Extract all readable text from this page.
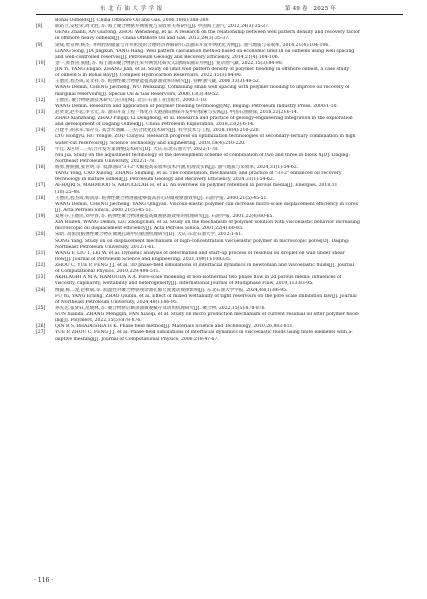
东 北 石 油 大 学 学 报	第 49 卷　2025 年
Bohai Oilfields[J]. China Offshore Oil and Gas, 2006,18(6):388-389.
[8]	耿站立,安桂荣,周文胜,等. 海上聚合物驱井网密度与采收率关系研究[J]. 中国海上油气, 2012,24(3):35-37.
GENG Zhanli, AN Guirong, ZHOU Wensheng, et al. A research on the relationship between well pattern density and recovery factor
in offshore heavy oilfields[J]. China Offshore Oil and Gas, 2012,24(3):35-37.
[9]	梁成,贾京坤,杨杰. 井网控制储量与开井密度的合理经济界限研究:以油田开发井网优化为例[J]. 油气地质与采收率, 2014,21(4):104-106.
LIANG Song, JIA Jingkun, YANG Hang. Well pattern calculation method based on economic limit in oil oilfields using well spacing
and well-controlled reserves[J]. Petroleum Geology and Recovery Efficiency, 2014,21(4):104-106.
[10] 金一,黄香涛,张健,等. 海上油田聚合物驱注采井网优化研究:以渤海S油田为例[J]. 复杂油气藏, 2022,15(3):84-90.
JIN Yi, YANG Engao, ZHANG Jian, et al. Study on limit well pattern density of polymer flooding in offshore oilfield, a case study
of oilfield S in Bohai Bay[J]. Complex Hydrocarbon Reservoirs, 2022,15(3):84-90.
[11] 王德民,程杰成,吴文祥,等. 粘弹性聚合物驱能提高驱油效率的研究[J]. 特种油气藏, 2006,13(3):49-52.
WANG Demin, CHENG Jiecheng, WU Wenxiang. Combining small well spacing with polymer flooding to improve oil recovery of
marginal reservoirs[J]. Special Oil & Gas Reservoirs, 2006,13(3):49-52.
[12] 王德民. 聚合物驱油技术研究与应用[M]. 北京:石油工业出版社, 2000:1-10.
WANG Demin. Research and application of polymer flooding technology[M]. Beijing: Petroleum Industry Press, 2000:1-10.
[13] 赵贤龙,赵平起,李立宏,等. 油田开发工程一体化在大港油田勘探开发中的探索与实践[J]. 中国石油勘探, 2018,23(2):6-14.
ZHAO Xianzhang, ZHAO Pingqi, LI Donghong, et al. Research and practice of geology-engineering integration in the exploration
and development of Dagang Oilfield[J]. China Petroleum Exploration, 2018,23(2):6-14.
[14] 吕建平,胡永乐,邹存友. 高含水油藏二三结合优化技术研究[J]. 科学技术与工程, 2018,18(4):210-220.
LYU Hongyu, HU Yongle, ZOU Cunyou. Research progress on optimization technologies of secondary-tertiary combination in high
water-cut reservoirs[J]. Science Technology and Engineering, 2018,18(4):210-220.
[15] 牛佳. X区块二三结合开发方案调整技术研究[D]. 大庆:东北石油大学, 2022:1-78.
Niu Jia. Study on the adjustment technology of the development scheme of combination of two and three in block X[D]. Daqing:
Northeast Petroleum University, 2022:1-78.
[16] 杨勇,曹曲曲,张世明,等. 低渗油田"3+2"大幅提高采收率技术内涵,机理及实践[J]. 油气地质与采收率, 2024,31(1):54-62.
YANG Yong, CAO Xulong, ZHANG Shiming, et al. The connotation, mechanism, and practice of "3+2" enhanced oil recovery
technology in mature oilfield[J]. Petroleum Geology and Recovery Efficiency, 2024,31(1):54-62.
[17] Al-HAJRI S, MAHMOOD S, ABDULELAH H, et al. An overview on polymer retention in porous media[J]. Energies, 2018,11
(10):25-48.
[18] 王德民,程杰成,杨清彦. 粘弹性聚合物溶液能够提高岩心的微观驱油效率[J]. 石油学报, 2000,21(5):45-51.
WANG Demin, CHENG Jiecheng, YANG Qingyan. Viscous-elastic polymer can increase micro-scale displacement efficiency in cores
[J]. Acta Petrolei Sinica, 2000,21(5):45-51.
[19] 夏惠芬,王德民,刘中春,等. 粘弹性聚合物溶液提高微观驱油效率的机理研究[J]. 石油学报, 2001,22(4):60-65.
XIA Huifen, WANG Demin, LIU Zhongchun, et al. Study on the mechanism of polymer solution with viscoelastic behavior increasing
microscopic oil displacement efficiency[J]. Acta Petrolei Sinica, 2001,22(4):60-65.
[20] 宋昭. 高浓度粘弹性聚合物在微观孔隙中的驱油机理研究[D]. 大庆:东北石油大学, 2012:1-61.
SONG Yang. Study on oil displacement mechanism of high-concentration viscoelastic polymer in microscopic pores[D]. Daqing:
Northeast Petroleum University, 2012:1-61.
[21] WANG F, LIU T, LEI W, et al. Dynamic analysis of deformation and start-up process of residual oil droplet on wall under shear
flow[J]. Journal of Petroleum Science and Engineering, 2021,199(1):108335.
[22] ZHOU C, YUE P, FENG J J, et al. 3D phase-field simulations of interfacial dynamics in newtonian and viscoelastic fluids[J]. Journal
of Computational Physics, 2010,229:498-511.
[23] AKHLAGHI A M A, HAMOUDA A A. Pore-scale modeling of non-isothermal two phase flow in 2d porous media: influences of
viscosity, capillarity, wettability and heterogeneity[J]. International Journal of Multiphase Flow, 2019,113:83-95.
[24] 傅毅,杨二龙,赵秋斌,等. 润湿性对聚合物驱残余油孔隙尺度流动规律影响[J]. 东北石油大学学报, 2024,48(1):86-95.
FU Yu, YANG Erlong, ZHAO Qiubin, et al. Effect of mixed wettability of tight reservoirs on the pore scale imbibition law[J]. Journal
of Northeast Petroleum University, 2024,48(1):86-95.
[25] 孙先达,张梦钰,范晓林,等. 聚合物驱后剩余油微观赋存及动用机理研究[J]. 聚合物, 2022,15(5):878-876.
SUN Xianda, ZHANG Mengqin, FAN Xiaoqi, et al. Study on micro production mechanism of current residual oil after polymer flood-
ing[J]. Polymers, 2022,15(5):878-876.
[26] QIN R S, BHADESHIA H K. Phase field method[J]. Materials Science and Technology, 2010,26,803-811.
[27] YUE P, ZHOU C, FENG J J, et al. Phase-field simulations of interfacial dynamics in viscoelastic fluids using finite elements with a-
daptive meshing[J]. Journal of Computational Physics, 2006,219:47-67.
· 116 ·
